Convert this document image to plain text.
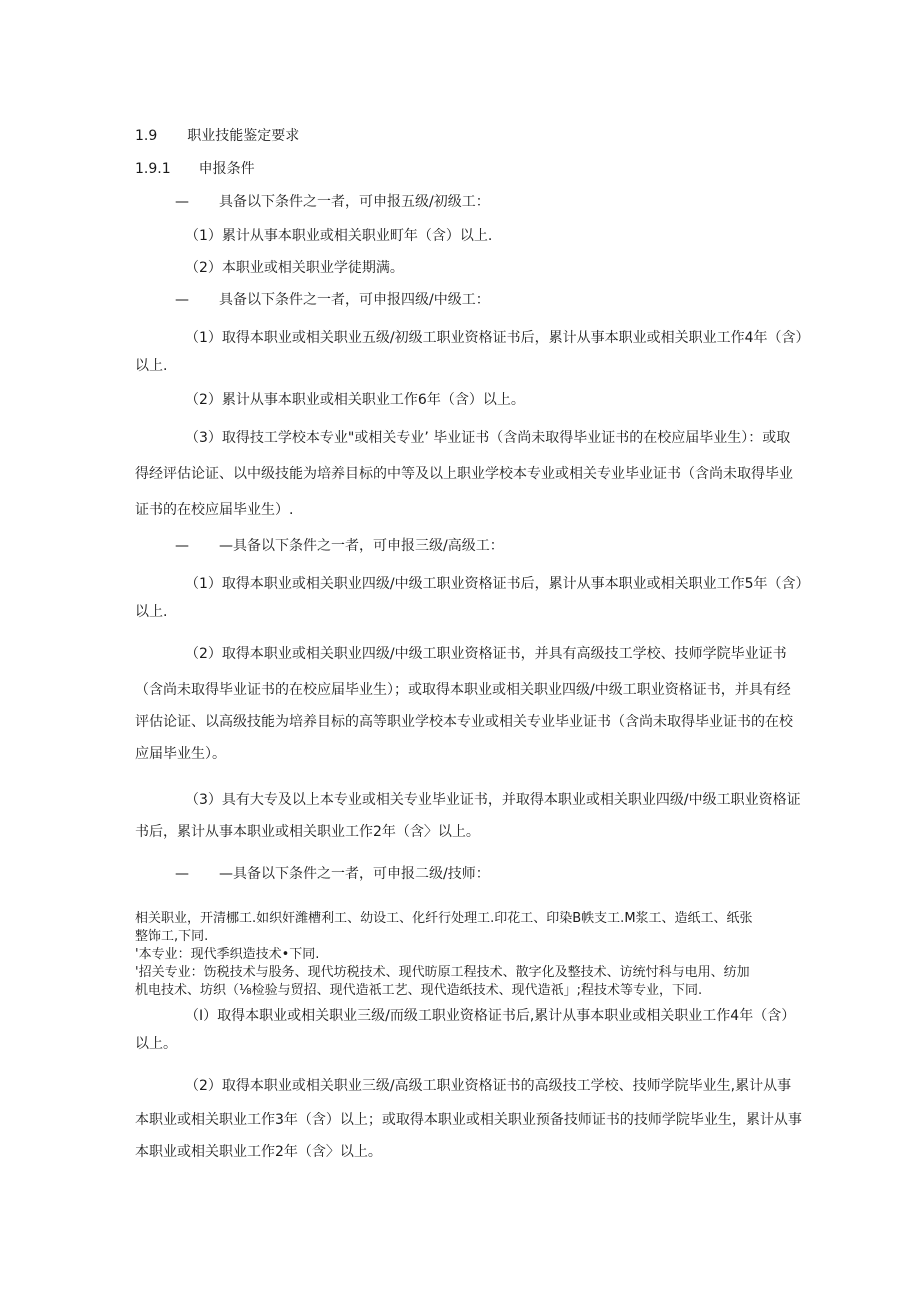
1.9 职业技能鉴定要求
1.9.1 申报条件
— 具备以下条件之一者，可申报五级/初级工：
（1）累计从事本职业或相关职业町年（含）以上.
（2）本职业或相关职业学徒期满。
— 具备以下条件之一者，可申报四级/中级工：
（1）取得本职业或相关职业五级/初级工职业资格证书后，累计从事本职业或相关职业工作4年（含）
以上.
（2）累计从事本职业或相关职业工作6年（含）以上。
（3）取得技工学校本专业"或相关专业’ 毕业证书（含尚未取得毕业证书的在校应届毕业生）：或取
得经评估论证、以中级技能为培养目标的中等及以上职业学校本专业或相关专业毕业证书（含尚未取得毕业
证书的在校应届毕业生）.
— —具备以下条件之一者，可申报三级/高级工：
（1）取得本职业或相关职业四级/中级工职业资格证书后，累计从事本职业或相关职业工作5年（含）
以上.
（2）取得本职业或相关职业四级/中级工职业资格证书，并具有高级技工学校、技师学院毕业证书
（含尚未取得毕业证书的在校应届毕业生）；或取得本职业或相关职业四级/中级工职业资格证书，并具有经
评估论证、以高级技能为培养目标的高等职业学校本专业或相关专业毕业证书（含尚未取得毕业证书的在校
应届毕业生）。
（3）具有大专及以上本专业或相关专业毕业证书，并取得本职业或相关职业四级/中级工职业资格证
书后，累计从事本职业或相关职业工作2年（含〉以上。
— —具备以下条件之一者，可申报二级/技师：
相关职业，开清梛工.如织奸潍槽利工、幼设工、化纤行处理工.印花工、印染B帙支工.M浆工、造纸工、纸张
整饰工,下同.
'本专业：现代季织造技术•下同.
'招关专业：饬税技术与股务、现代坊税技术、现代昉原工程技术、散字化及整技术、访统忖科与电用、纺加
机电技术、坊织（⅛检验与贸招、现代造祇工艺、现代造纸技术、现代造祇」;程技术等专业，下同.
（I）取得本职业或相关职业三级/而级工职业资格证书后,累计从事本职业或相关职业工作4年（含）
以上。
（2）取得本职业或相关职业三级/高级工职业资格证书的高级技工学校、技师学院毕业生,累计从事
本职业或相关职业工作3年（含）以上；或取得本职业或相关职业预备技师证书的技师学院毕业生，累计从事
本职业或相关职业工作2年（含〉以上。
